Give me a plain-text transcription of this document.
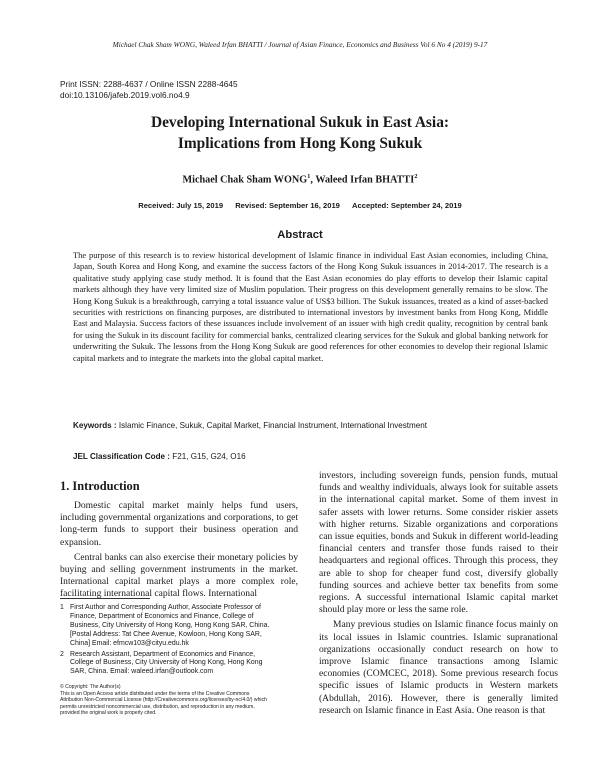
Michael Chak Sham WONG, Waleed Irfan BHATTI / Journal of Asian Finance, Economics and Business Vol 6 No 4 (2019) 9-17
Print ISSN: 2288-4637 / Online ISSN 2288-4645
doi:10.13106/jafeb.2019.vol6.no4.9
Developing International Sukuk in East Asia:
Implications from Hong Kong Sukuk
Michael Chak Sham WONG$^1$, Waleed Irfan BHATTI$^2$
Received: July 15, 2019 Revised: September 16, 2019 Accepted: September 24, 2019
Abstract
The purpose of this research is to review historical development of Islamic finance in individual East Asian economies, including China, Japan, South Korea and Hong Kong, and examine the success factors of the Hong Kong Sukuk issuances in 2014-2017. The research is a qualitative study applying case study method. It is found that the East Asian economies do play efforts to develop their Islamic capital markets although they have very limited size of Muslim population. Their progress on this development generally remains to be slow. The Hong Kong Sukuk is a breakthrough, carrying a total issuance value of US$3 billion. The Sukuk issuances, treated as a kind of asset-backed securities with restrictions on financing purposes, are distributed to international investors by investment banks from Hong Kong, Middle East and Malaysia. Success factors of these issuances include involvement of an issuer with high credit quality, recognition by central bank for using the Sukuk in its discount facility for commercial banks, centralized clearing services for the Sukuk and global banking network for underwriting the Sukuk. The lessons from the Hong Kong Sukuk are good references for other economies to develop their regional Islamic capital markets and to integrate the markets into the global capital market.
Keywords : Islamic Finance, Sukuk, Capital Market, Financial Instrument, International Investment
JEL Classification Code : F21, G15, G24, O16
1. Introduction

Domestic capital market mainly helps fund users, including governmental organizations and corporations, to get long-term funds to support their business operation and expansion.

Central banks can also exercise their monetary policies by buying and selling government instruments in the market. International capital market plays a more complex role, facilitating international capital flows. International

1 First Author and Corresponding Author, Associate Professor of
Finance, Department of Economics and Finance, College of
Business, City University of Hong Kong, Hong Kong SAR, China.
[Postal Address: Tat Chee Avenue, Kowloon, Hong Kong SAR,
China] Email: efmcw103@cityu.edu.hk
2 Research Assistant, Department of Economics and Finance,
College of Business, City University of Hong Kong, Hong Kong
SAR, China. Email: waleed.irfan@outlook.com
© Copyright: The Author(s)
This is an Open Access article distributed under the terms of the Creative Commons
Attribution Non-Commercial License (http://Creativecommons.org/licenses/by-nc/4.0/) which
permits unrestricted noncommercial use, distribution, and reproduction in any medium,
provided the original work is properly cited.

investors, including sovereign funds, pension funds, mutual funds and wealthy individuals, always look for suitable assets in the international capital market. Some of them invest in safer assets with lower returns. Some consider riskier assets with higher returns. Sizable organizations and corporations can issue equities, bonds and Sukuk in different world-leading financial centers and transfer those funds raised to their headquarters and regional offices. Through this process, they are able to shop for cheaper fund cost, diversify globally funding sources and achieve better tax benefits from some regions. A successful international Islamic capital market should play more or less the same role.

Many previous studies on Islamic finance focus mainly on its local issues in Islamic countries. Islamic supranational organizations occasionally conduct research on how to improve Islamic finance transactions among Islamic economies (COMCEC, 2018). Some previous research focus specific issues of Islamic products in Western markets (Abdullah, 2016). However, there is generally limited research on Islamic finance in East Asia. One reason is that
